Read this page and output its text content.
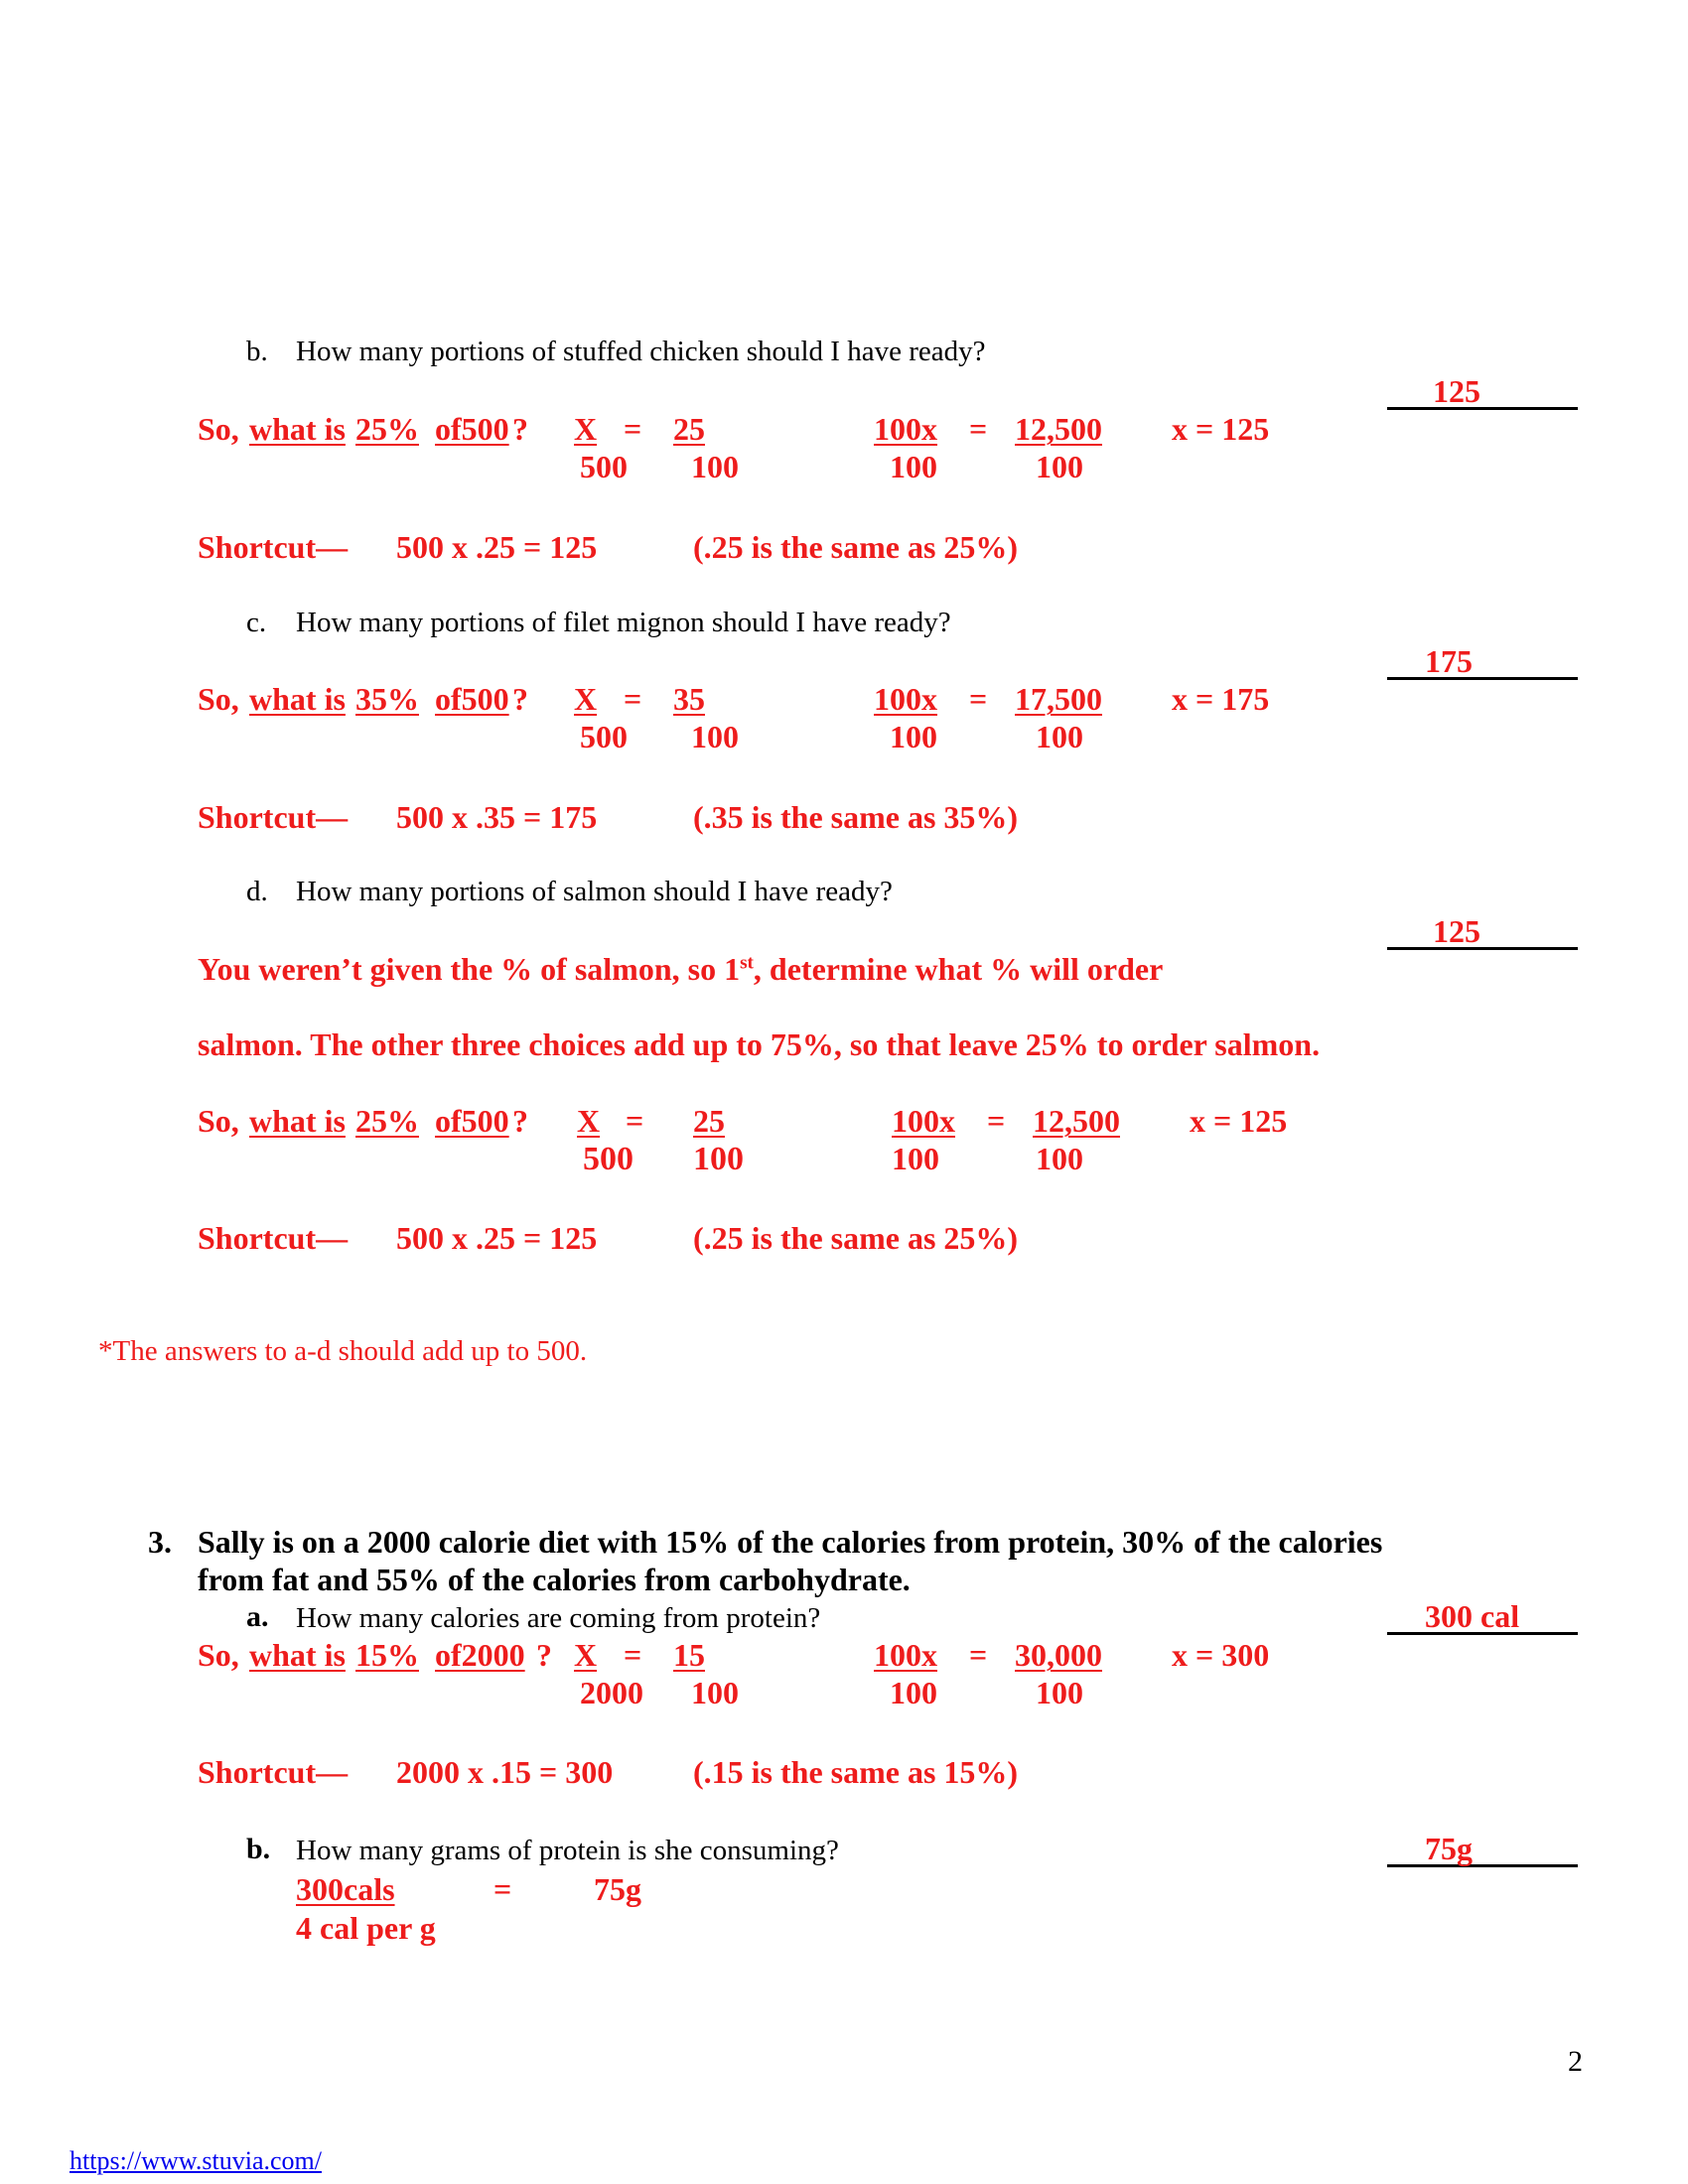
b. How many portions of stuffed chicken should I have ready?
125
So, what is 25% of500 ? X = 25
500 100
100x = 12,500
100	100
x = 125
Shortcut— 500 x .25 = 125	(.25 is the same as 25%)
c. How many portions of filet mignon should I have ready?
175
So, what is 35% of500 ? X = 35
500 100
100x = 17,500
100	100
x = 175
Shortcut— 500 x .35 = 175	(.35 is the same as 35%)
d. How many portions of salmon should I have ready?
125
You weren’t given the % of salmon, so 1st, determine what % will order
salmon. The other three choices add up to 75%, so that leave 25% to order salmon.
So, what is 25% of500 ? X = 25
500 100
100x = 12,500
100	100
x = 125
Shortcut— 500 x .25 = 125	(.25 is the same as 25%)
*The answers to a-d should add up to 500.
3. Sally is on a 2000 calorie diet with 15% of the calories from protein, 30% of the calories
from fat and 55% of the calories from carbohydrate.
a. How many calories are coming from protein?	300 cal
So, what is 15% of2000 ? X = 15
2000 100
100x = 30,000
100	100
x = 300
Shortcut— 2000 x .15 = 300	(.15 is the same as 15%)
b. How many grams of protein is she consuming?	75g
300cals	=	75g
4 cal per g
2
https://www.stuvia.com/
